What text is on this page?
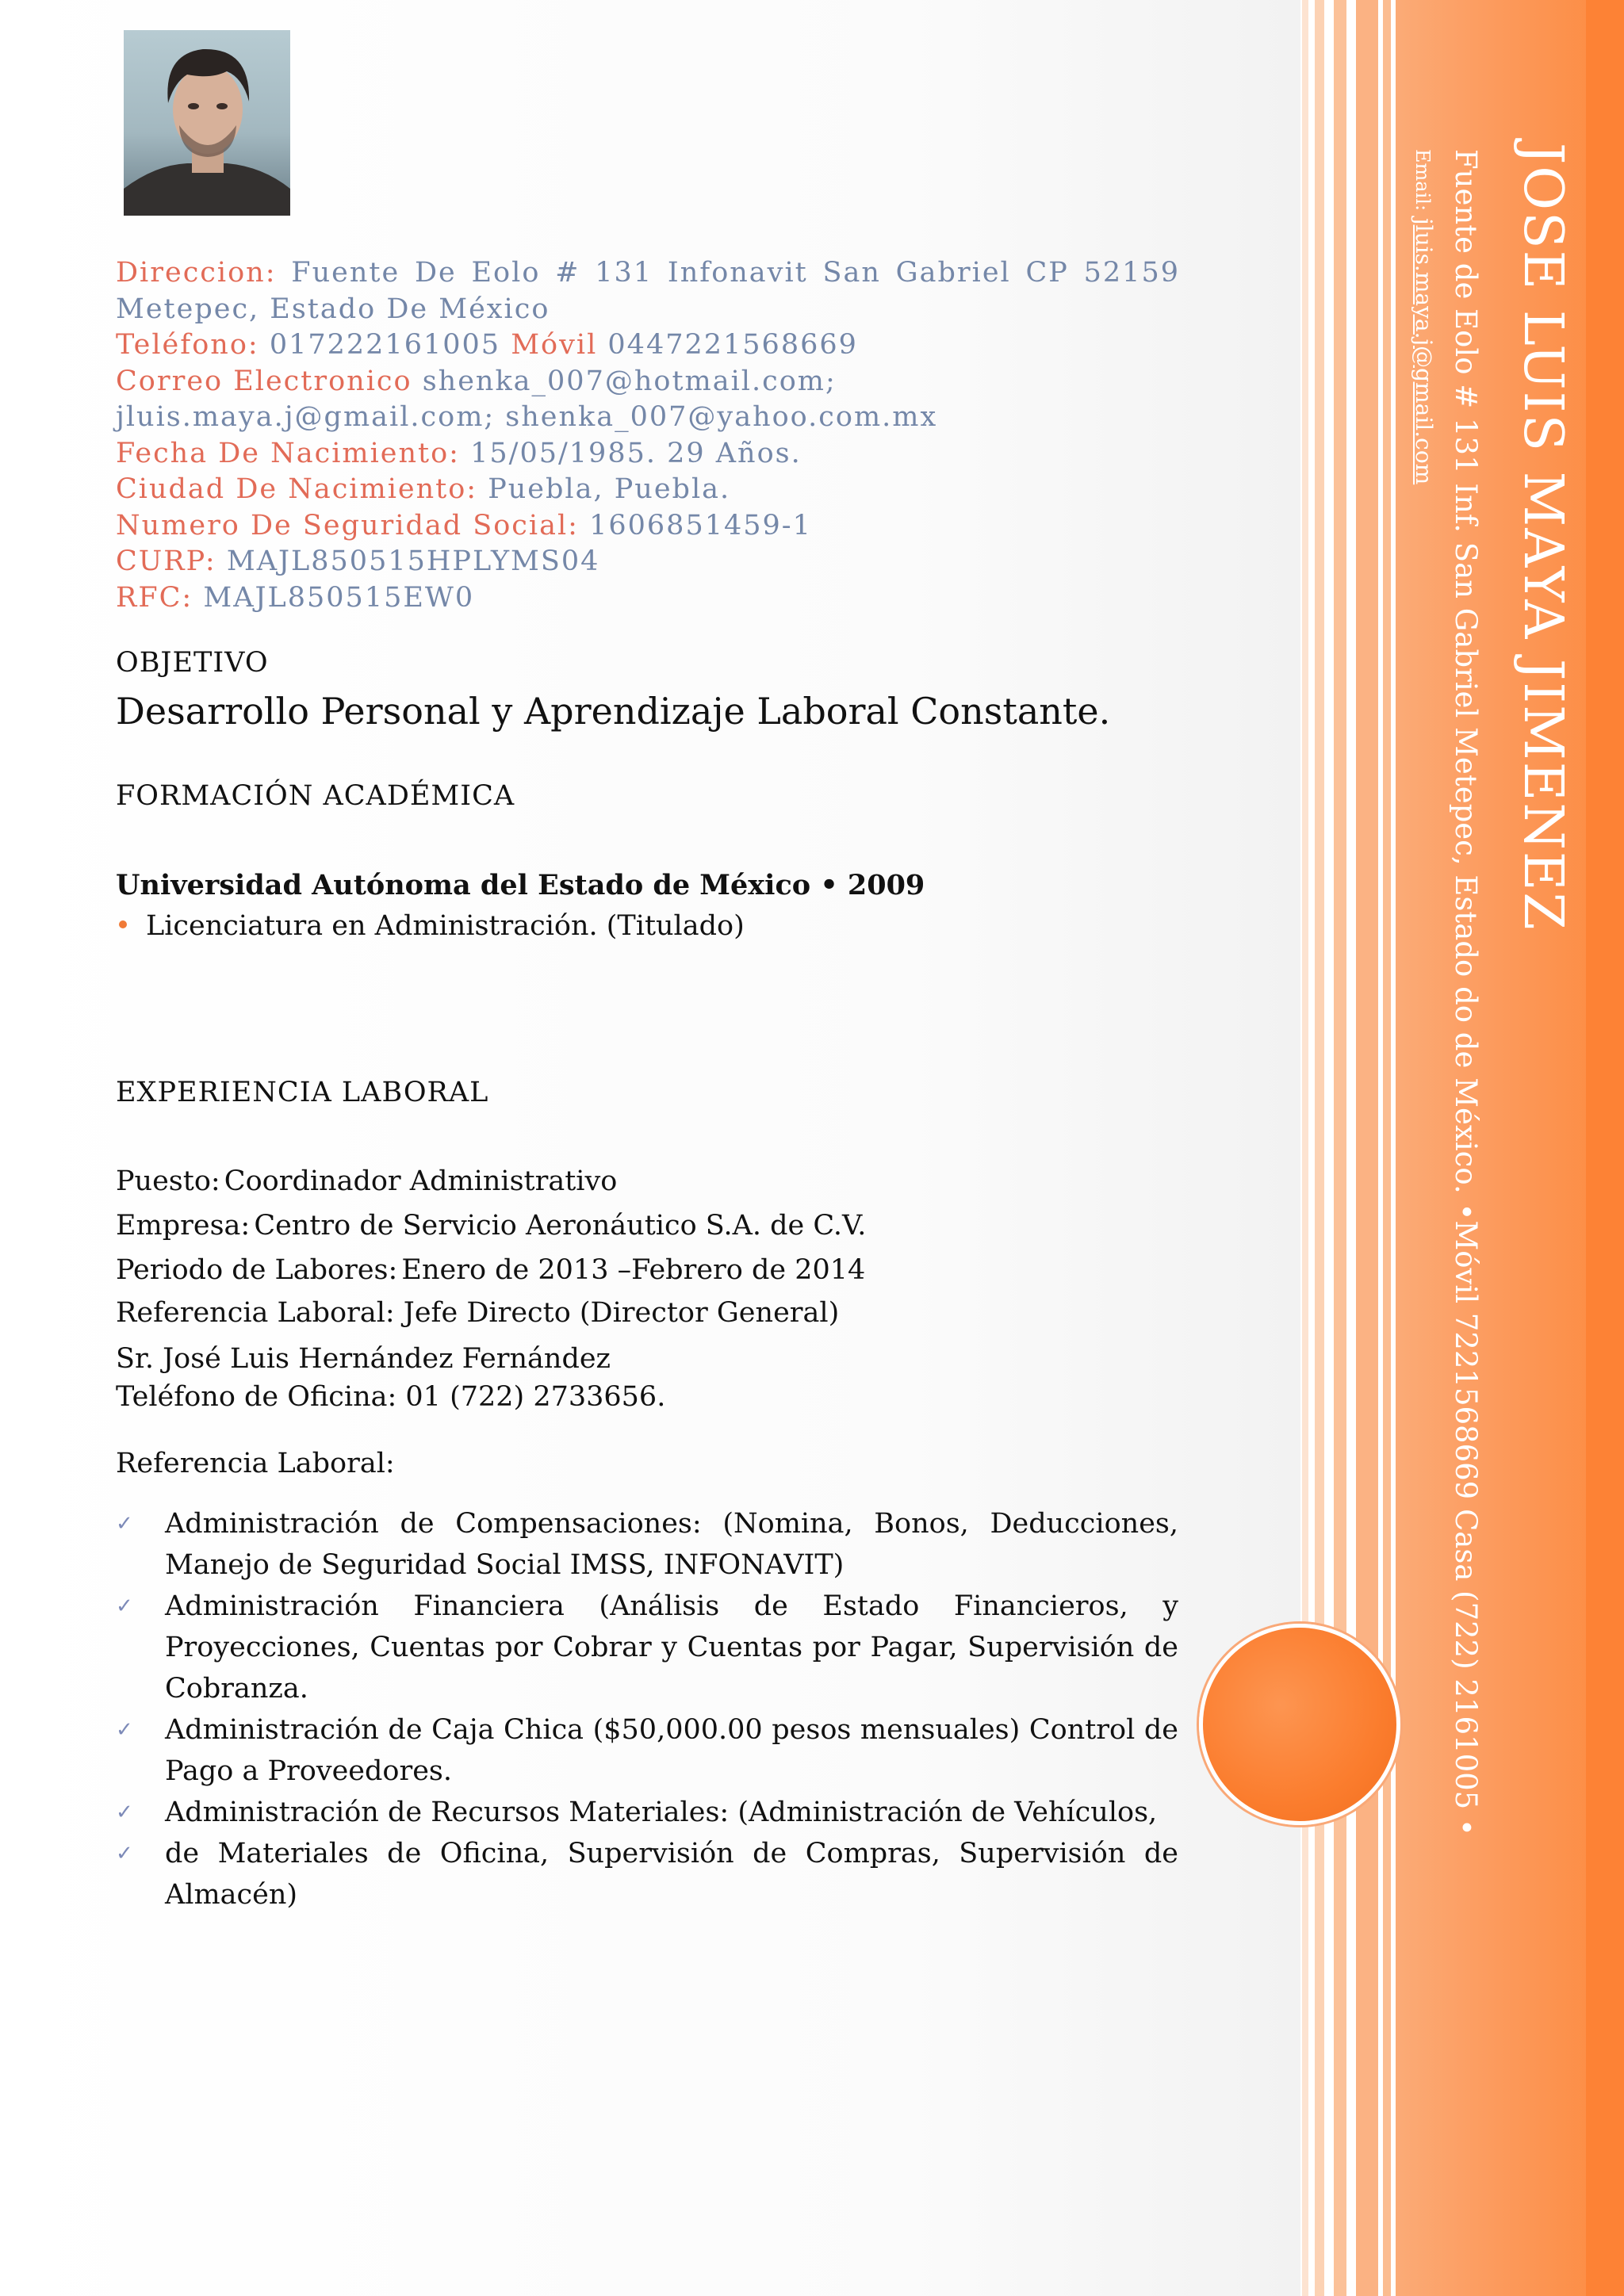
JOSE LUIS MAYA JIMENEZ
Fuente de Eolo # 131 Inf. San Gabriel Metepec, Estado do de México. •Móvil 7221568669 Casa (722) 2161005 •
Email: jluis.maya.j@gmail.com
Direccion: Fuente De Eolo # 131 Infonavit San Gabriel CP 52159
Metepec, Estado De México
Teléfono: 017222161005 Móvil 0447221568669
Correo Electronico shenka_007@hotmail.com;
jluis.maya.j@gmail.com; shenka_007@yahoo.com.mx
Fecha De Nacimiento: 15/05/1985. 29 Años.
Ciudad De Nacimiento: Puebla, Puebla.
Numero De Seguridad Social: 1606851459-1
CURP: MAJL850515HPLYMS04
RFC: MAJL850515EW0
OBJETIVO
Desarrollo Personal y Aprendizaje Laboral Constante.
FORMACIÓN ACADÉMICA
Universidad Autónoma del Estado de México • 2009
Licenciatura en Administración. (Titulado)
EXPERIENCIA LABORAL
Puesto: Coordinador Administrativo
Empresa: Centro de Servicio Aeronáutico S.A. de C.V.
Periodo de Labores: Enero de 2013 –Febrero de 2014
Referencia Laboral: Jefe Directo (Director General)
Sr. José Luis Hernández Fernández
Teléfono de Oficina: 01 (722) 2733656.
Referencia Laboral:
✓ Administración de Compensaciones: (Nomina, Bonos, Deducciones, Manejo de Seguridad Social IMSS, INFONAVIT)
✓ Administración Financiera (Análisis de Estado Financieros, y Proyecciones, Cuentas por Cobrar y Cuentas por Pagar, Supervisión de Cobranza.
✓ Administración de Caja Chica ($50,000.00 pesos mensuales) Control de Pago a Proveedores.
✓ Administración de Recursos Materiales: (Administración de Vehículos,
✓ de Materiales de Oficina, Supervisión de Compras, Supervisión de Almacén)
